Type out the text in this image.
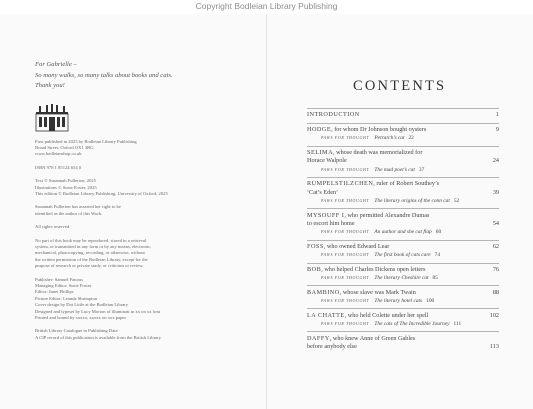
Copyright Bodleian Library Publishing
For Gabrielle –
So many walks, so many talks about books and cats.
Thank you!

First published in 2025 by Bodleian Library Publishing
Broad Street, Oxford OX1 3BG
www.bodleianshop.co.uk

ISBN 978 1 85124 654 0

Text © Susannah Fullerton, 2025
Illustrations © Susie Foster, 2025
This edition © Bodleian Library Publishing, University of Oxford, 2025

Susannah Fullerton has asserted her right to be
identified as the author of this Work.

All rights reserved.

No part of this book may be reproduced, stored in a retrieval
system, or transmitted in any form or by any means, electronic,
mechanical, photocopying, recording, or otherwise, without
the written permission of the Bodleian Library, except for the
purpose of research or private study, or criticism or review.

Publisher: Samuel Fanous
Managing Editor: Susie Foster
Editor: Janet Phillips
Picture Editor: Leanda Shrimpton
Cover design by Dot Little at the Bodleian Library
Designed and typeset by Lucy Morton of illuminati in xx on xx font
Printed and bound by xxxxx, xxxxx on xxx paper

British Library Catalogue in Publishing Data
A CIP record of this publication is available from the British Library

CONTENTS
INTRODUCTION	1
HODGE, for whom Dr Johnson bought oysters	9
PAWS FOR THOUGHT Petrarch’s cat 22
SELIMA, whose death was memorialized for
Horace Walpole	24
PAWS FOR THOUGHT The mad poet’s cat 37
RUMPELSTILZCHEN, ruler of Robert Southey’s
‘Cat’s Eden’	39
PAWS FOR THOUGHT The literary origins of the conn cat 52
MYSOUFF I, who permitted Alexandre Dumas
to escort him home	54
PAWS FOR THOUGHT An author and she cat flap 60
FOSS, who owned Edward Lear	62
PAWS FOR THOUGHT The first book of cats care 74
BOB, who helped Charles Dickens open letters	76
PAWS FOR THOUGHT The literary Cheshire cat 85
BAMBINO, whose slave was Mark Twain	88
PAWS FOR THOUGHT The literary hotel cats 100
LA CHATTE, who held Colette under her spell	102
PAWS FOR THOUGHT The cats of The Incredible Journey 111
DAFFY, who knew Anne of Green Gables
before anybody else	113
